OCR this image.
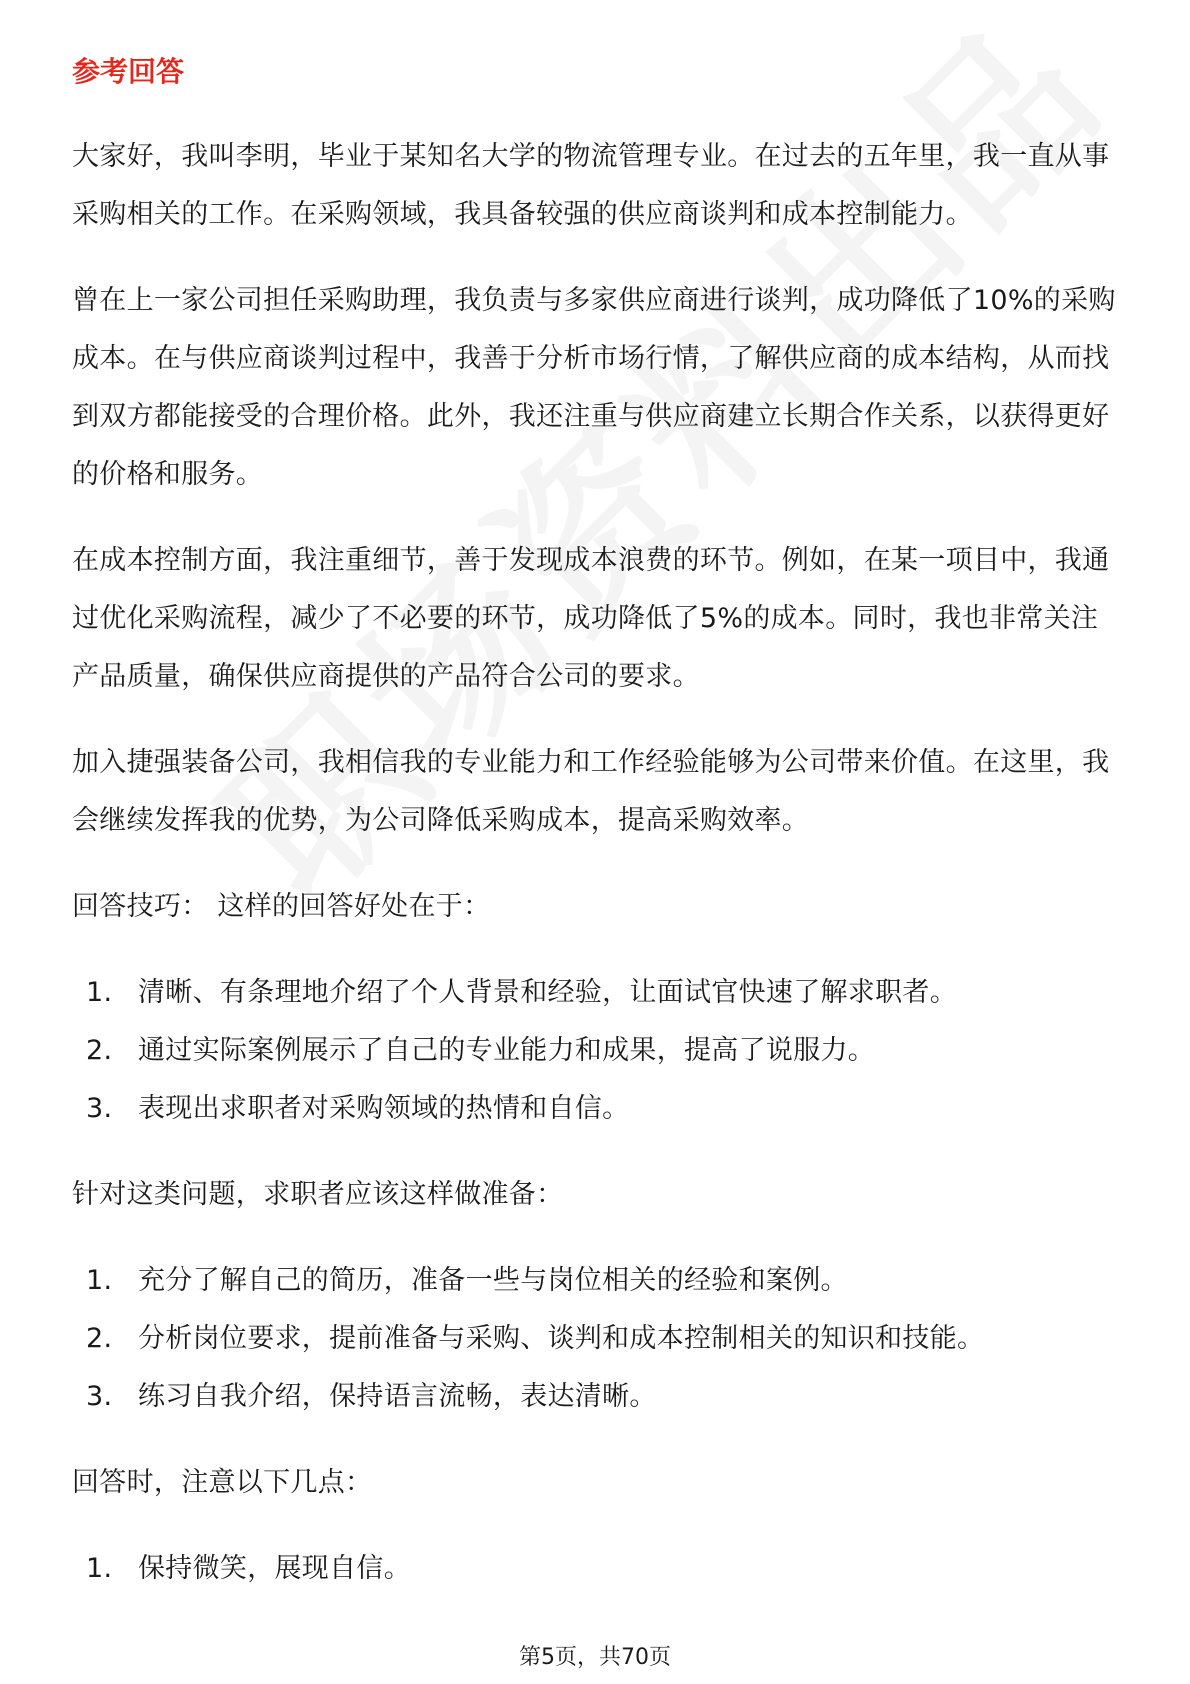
参考回答

大家好，我叫李明，毕业于某知名大学的物流管理专业。在过去的五年里，我一直从事采购相关的工作。在采购领域，我具备较强的供应商谈判和成本控制能力。

曾在上一家公司担任采购助理，我负责与多家供应商进行谈判，成功降低了10%的采购成本。在与供应商谈判过程中，我善于分析市场行情，了解供应商的成本结构，从而找到双方都能接受的合理价格。此外，我还注重与供应商建立长期合作关系，以获得更好的价格和服务。

在成本控制方面，我注重细节，善于发现成本浪费的环节。例如，在某一项目中，我通过优化采购流程，减少了不必要的环节，成功降低了5%的成本。同时，我也非常关注产品质量，确保供应商提供的产品符合公司的要求。

加入捷强装备公司，我相信我的专业能力和工作经验能够为公司带来价值。在这里，我会继续发挥我的优势，为公司降低采购成本，提高采购效率。

回答技巧： 这样的回答好处在于：

1. 清晰、有条理地介绍了个人背景和经验，让面试官快速了解求职者。
2. 通过实际案例展示了自己的专业能力和成果，提高了说服力。
3. 表现出求职者对采购领域的热情和自信。

针对这类问题，求职者应该这样做准备：

1. 充分了解自己的简历，准备一些与岗位相关的经验和案例。
2. 分析岗位要求，提前准备与采购、谈判和成本控制相关的知识和技能。
3. 练习自我介绍，保持语言流畅，表达清晰。

回答时，注意以下几点：

1. 保持微笑，展现自信。
第5页，共70页
